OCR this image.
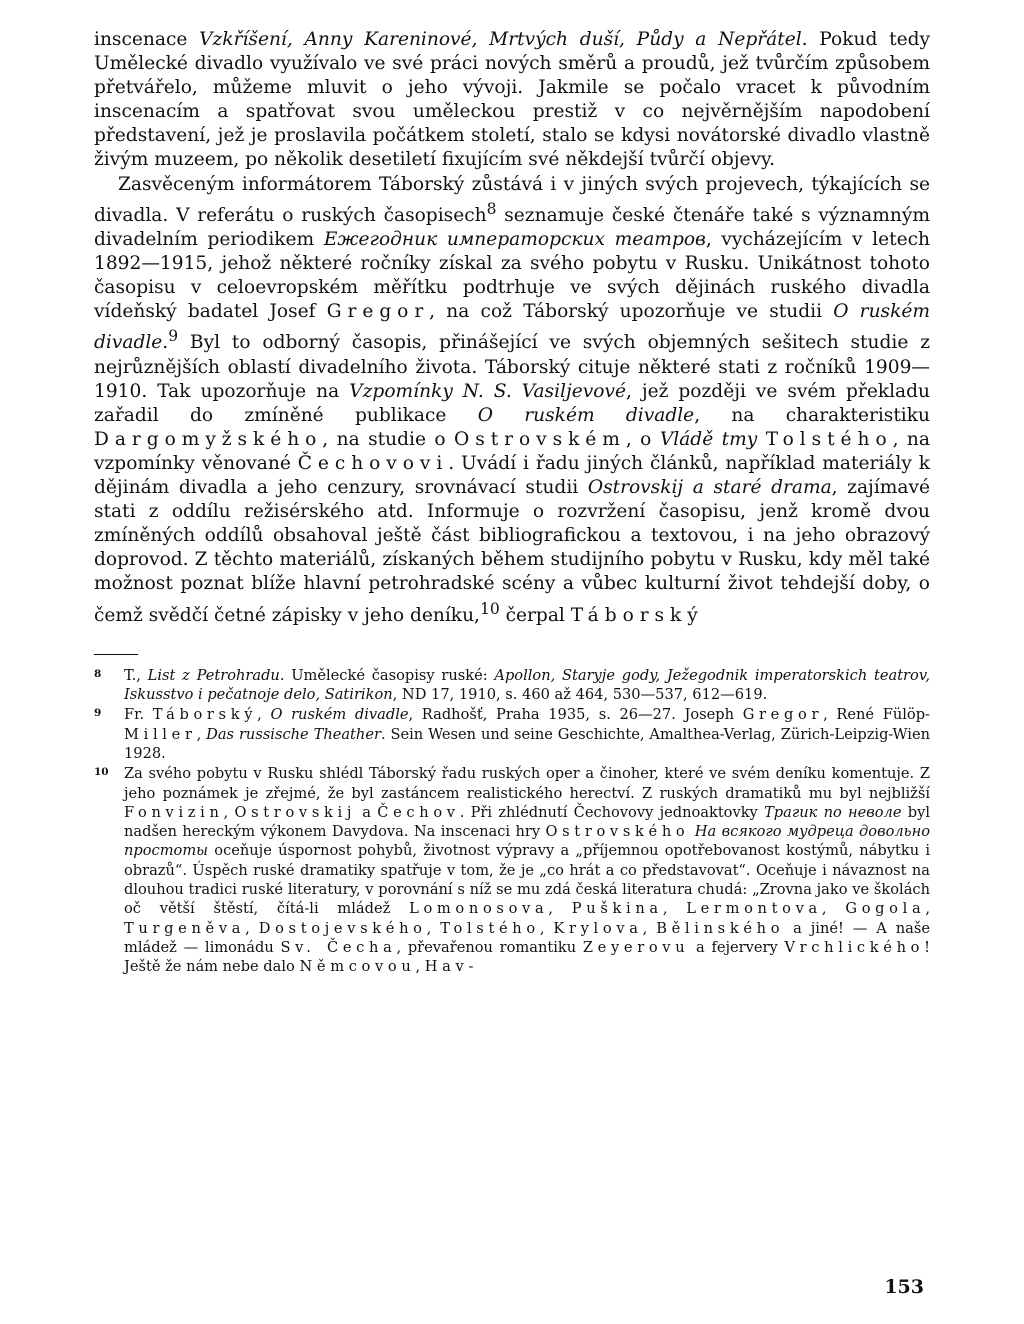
inscenace Vzkříšení, Anny Kareninové, Mrtvých duší, Půdy a Nepřátel. Pokud tedy Umělecké divadlo využívalo ve své práci nových směrů a proudů, jež tvůrčím způsobem přetvářelo, můžeme mluvit o jeho vývoji. Jakmile se počalo vracet k původním inscenacím a spatřovat svou uměleckou prestiž v co nejvěrnějším napodobení představení, jež je proslavila počátkem století, stalo se kdysi novátorské divadlo vlastně živým muzeem, po několik desetiletí fixujícím své někdejší tvůrčí objevy.

Zasvěceným informátorem Táborský zůstává i v jiných svých projevech, týkajících se divadla. V referátu o ruských časopisech$^8$ seznamuje české čtenáře také s významným divadelním periodikem Ежегодник императорских театров, vycházejícím v letech 1892—1915, jehož některé ročníky získal za svého pobytu v Rusku. Unikátnost tohoto časopisu v celoevropském měřítku podtrhuje ve svých dějinách ruského divadla vídeňský badatel Josef Gregor, na což Táborský upozorňuje ve studii O ruském divadle.$^9$ Byl to odborný časopis, přinášející ve svých objemných sešitech studie z nejrůznějších oblastí divadelního života. Táborský cituje některé stati z ročníků 1909—1910. Tak upozorňuje na Vzpomínky N. S. Vasiljevové, jež později ve svém překladu zařadil do zmíněné publikace O ruském divadle, na charakteristiku Dargomyžského, na studie o Ostrovském, o Vládě tmy Tolstého, na vzpomínky věnované Čechovovi. Uvádí i řadu jiných článků, například materiály k dějinám divadla a jeho cenzury, srovnávací studii Ostrovskij a staré drama, zajímavé stati z oddílu režisérského atd. Informuje o rozvržení časopisu, jenž kromě dvou zmíněných oddílů obsahoval ještě část bibliografickou a textovou, i na jeho obrazový doprovod. Z těchto materiálů, získaných během studijního pobytu v Rusku, kdy měl také možnost poznat blíže hlavní petrohradské scény a vůbec kulturní život tehdejší doby, o čemž svědčí četné zápisky v jeho deníku,$^{10}$ čerpal Táborský

8	T., List z Petrohradu. Umělecké časopisy ruské: Apollon, Staryje gody, Ježegodnik imperatorskich teatrov, Iskusstvo i pečatnoje delo, Satirikon, ND 17, 1910, s. 460 až 464, 530—537, 612—619.
9	Fr. Táborský, O ruském divadle, Radhošť, Praha 1935, s. 26—27. Joseph Gregor, René Fülöp-Miller, Das russische Theather. Sein Wesen und seine Geschichte, Amalthea-Verlag, Zürich-Leipzig-Wien 1928.
10	Za svého pobytu v Rusku shlédl Táborský řadu ruských oper a činoher, které ve svém deníku komentuje. Z jeho poznámek je zřejmé, že byl zastáncem realistického herectví. Z ruských dramatiků mu byl nejbližší Fonvizin, Ostrovskij a Čechov. Při zhlédnutí Čechovovy jednoaktovky Трагик по неволе byl nadšen hereckým výkonem Davydova. Na inscenaci hry Ostrovského На всякого мудреца довольно простоты oceňuje úspornost pohybů, životnost výpravy a „příjemnou opotřebovanost kostýmů, nábytku i obrazů“. Úspěch ruské dramatiky spatřuje v tom, že je „co hrát a co představovat“. Oceňuje i návaznost na dlouhou tradici ruské literatury, v porovnání s níž se mu zdá česká literatura chudá: „Zrovna jako ve školách oč větší štěstí, čítá-li mládež Lomonosova, Puškina, Lermontova, Gogola, Turgeněva, Dostojevského, Tolstého, Krylova, Bělinského a jiné! — A naše mládež — limonádu Sv. Čecha, převařenou romantiku Zeyerovu a fejervery Vrchlického! Ještě že nám nebe dalo Němcovou, Hav-
153
